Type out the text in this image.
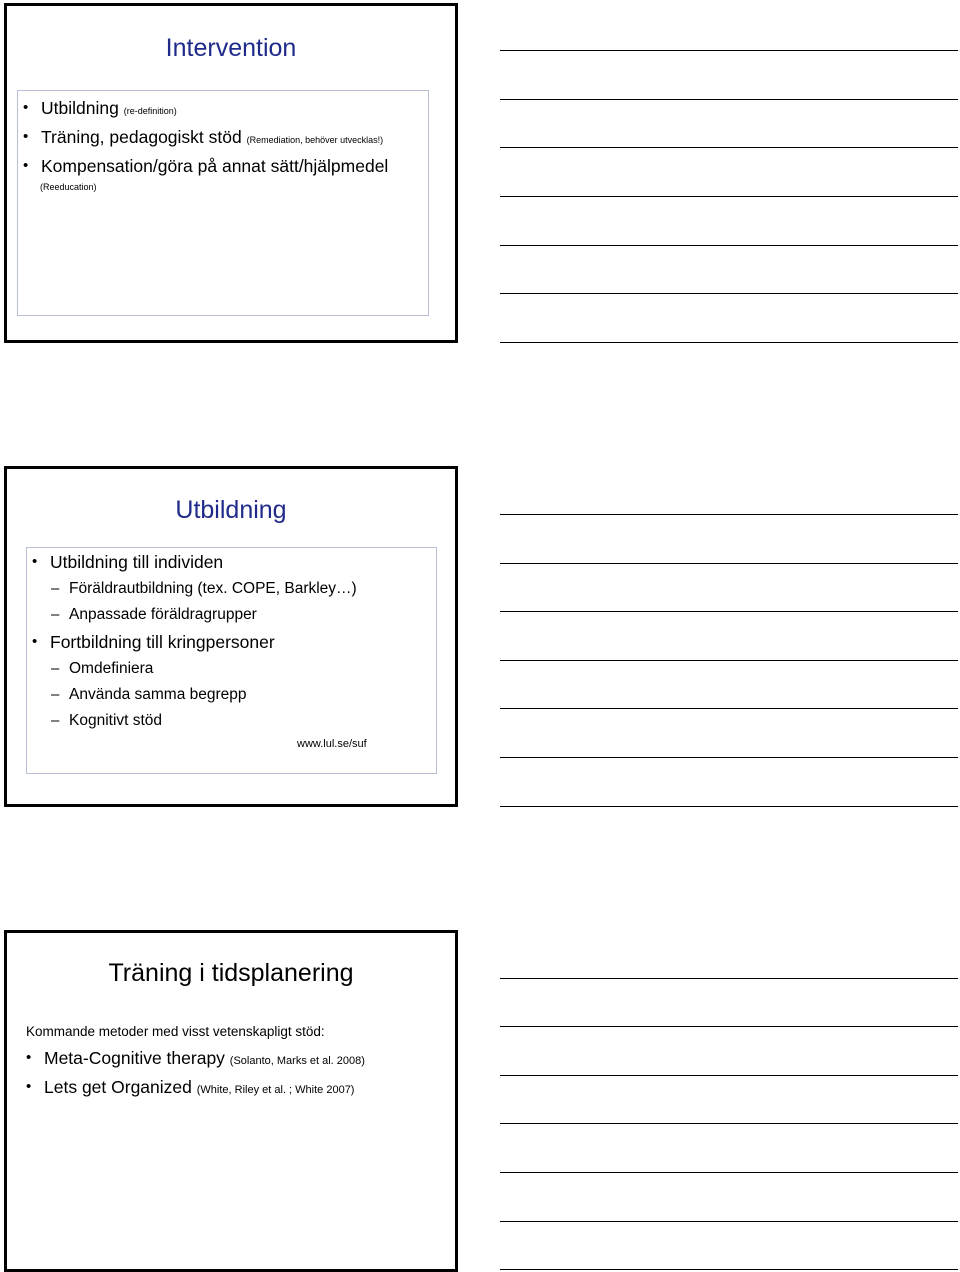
Intervention
• Utbildning (re-definition)
• Träning, pedagogiskt stöd (Remediation, behöver utvecklas!)
• Kompensation/göra på annat sätt/hjälpmedel
(Reeducation)
Utbildning
• Utbildning till individen
– Föräldrautbildning (tex. COPE, Barkley…)
– Anpassade föräldragrupper
• Fortbildning till kringpersoner
– Omdefiniera
– Använda samma begrepp
– Kognitivt stöd
www.lul.se/suf
Träning i tidsplanering
Kommande metoder med visst vetenskapligt stöd:
• Meta-Cognitive therapy (Solanto, Marks et al. 2008)
• Lets get Organized (White, Riley et al. ; White 2007)
